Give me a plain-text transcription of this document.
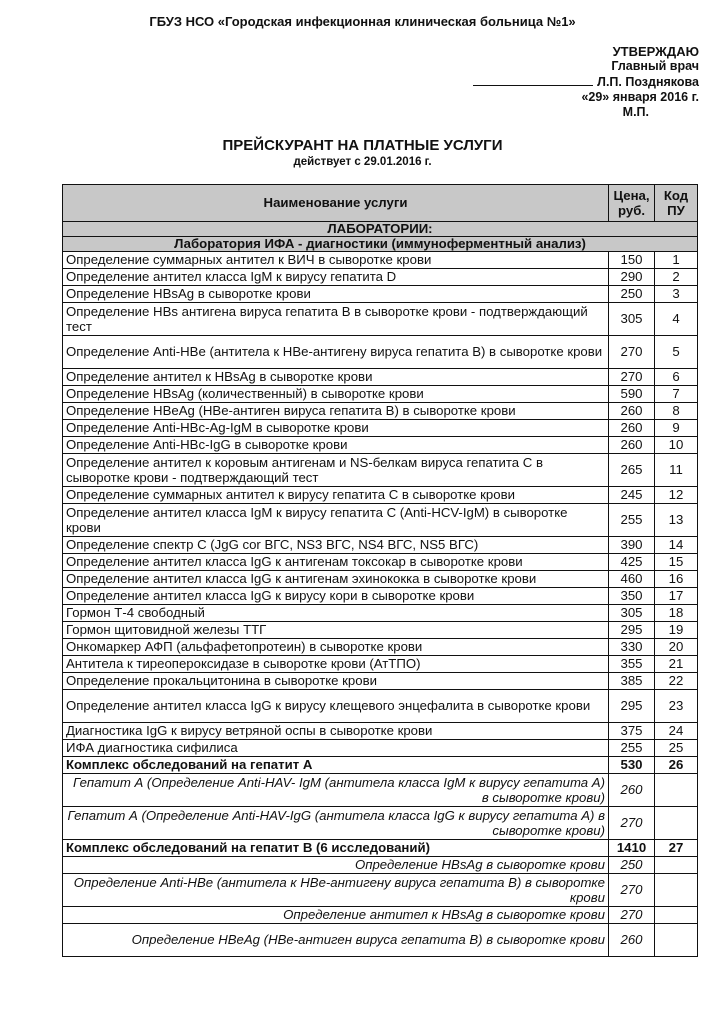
ГБУЗ НСО «Городская инфекционная клиническая больница №1»
УТВЕРЖДАЮ
Главный врач
Л.П. Позднякова
«29» января 2016 г.
М.П.
ПРЕЙСКУРАНТ НА ПЛАТНЫЕ УСЛУГИ
действует с 29.01.2016 г.
Наименование услуги	Цена, руб.	Код ПУ
ЛАБОРАТОРИИ:		
Лаборатория ИФА - диагностики (иммуноферментный анализ)		
Определение суммарных антител к ВИЧ в сыворотке крови	150	1
Определение антител класса IgM к вирусу гепатита D	290	2
Определение HBsAg в сыворотке крови	250	3
Определение HBs антигена вируса гепатита В в сыворотке крови - подтверждающий тест	305	4
Определение Anti-HBe (антитела к HBe-антигену вируса гепатита В) в сыворотке крови	270	5
Определение антител к HBsAg в сыворотке крови	270	6
Определение HBsAg (количественный) в сыворотке крови	590	7
Определение HBeAg (HBe-антиген вируса гепатита В) в сыворотке крови	260	8
Определение Anti-HBc-Ag-IgM в сыворотке крови	260	9
Определение Anti-HBc-IgG в сыворотке крови	260	10
Определение антител к коровым антигенам и NS-белкам вируса гепатита С в сыворотке крови - подтверждающий тест	265	11
Определение суммарных антител к вирусу гепатита С в сыворотке крови	245	12
Определение антител класса IgM к вирусу гепатита С (Anti-HCV-IgM) в сыворотке крови	255	13
Определение спектр С (JgG cor ВГС, NS3 ВГС, NS4 ВГС, NS5 ВГС)	390	14
Определение антител класса IgG к антигенам токсокар в сыворотке крови	425	15
Определение антител класса IgG к антигенам эхинококка в сыворотке крови	460	16
Определение антител класса IgG к вирусу кори в сыворотке крови	350	17
Гормон Т-4 свободный	305	18
Гормон щитовидной железы ТТГ	295	19
Онкомаркер АФП (альфафетопротеин) в сыворотке крови	330	20
Антитела к тиреопероксидазе в сыворотке крови (АтТПО)	355	21
Определение прокальцитонина в сыворотке крови	385	22
Определение антител класса IgG к вирусу клещевого энцефалита в сыворотке крови	295	23
Диагностика IgG к вирусу ветряной оспы в сыворотке крови	375	24
ИФА диагностика сифилиса	255	25
Комплекс обследований на гепатит А	530	26
Гепатит А (Определение Anti-HAV- IgM (антитела класса IgM к вирусу гепатита А) в сыворотке крови)	260	
Гепатит А (Определение Anti-HAV-IgG (антитела класса IgG к вирусу гепатита А) в сыворотке крови)	270	
Комплекс обследований на гепатит В (6 исследований)	1410	27
Определение HBsAg в сыворотке крови	250	
Определение Anti-HBe (антитела к HBe-антигену вируса гепатита В) в сыворотке крови	270	
Определение антител к HBsAg в сыворотке крови	270	
Определение HBeAg (HBe-антиген вируса гепатита В) в сыворотке крови	260	
